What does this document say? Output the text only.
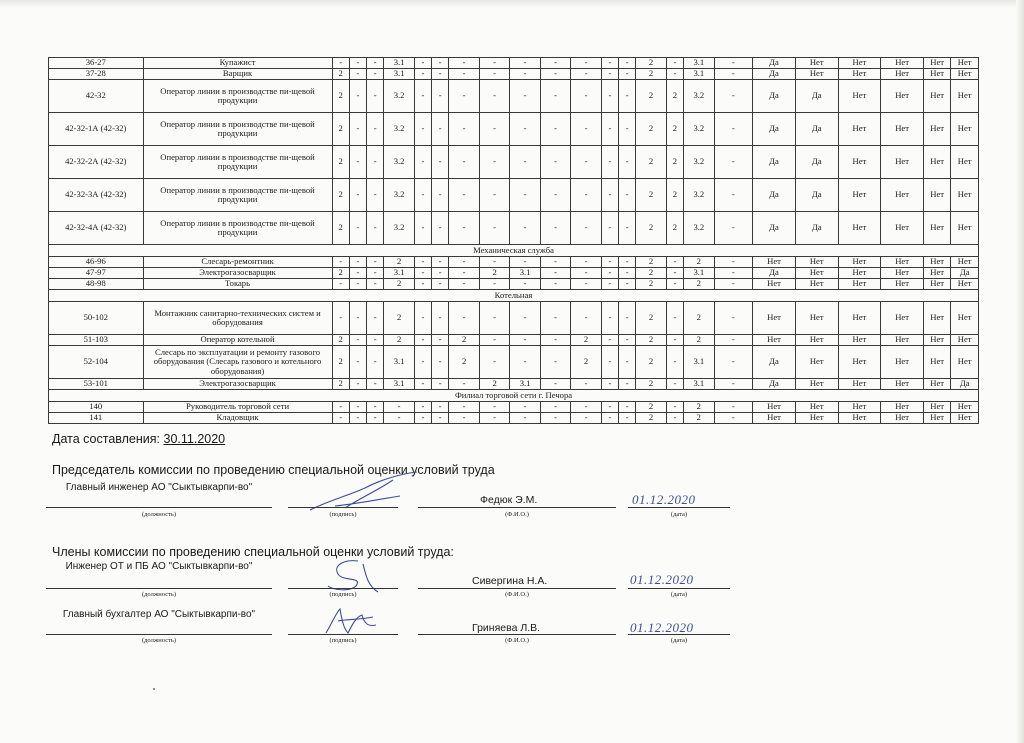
36-27	Купажист	-	-	-	3.1	-	-	-	-	-	-	-	-	-	2	-	3.1	-	Да	Нет	Нет	Нет	Нет	Нет
37-28	Варщик	2	-	-	3.1	-	-	-	-	-	-	-	-	-	2	-	3.1	-	Да	Нет	Нет	Нет	Нет	Нет
42-32	Оператор линии в производстве пи-щевой продукции	2	-	-	3.2	-	-	-	-	-	-	-	-	-	2	2	3.2	-	Да	Да	Нет	Нет	Нет	Нет
42-32-1А (42-32)	Оператор линии в производстве пи-щевой продукции	2	-	-	3.2	-	-	-	-	-	-	-	-	-	2	2	3.2	-	Да	Да	Нет	Нет	Нет	Нет
42-32-2А (42-32)	Оператор линии в производстве пи-щевой продукции	2	-	-	3.2	-	-	-	-	-	-	-	-	-	2	2	3.2	-	Да	Да	Нет	Нет	Нет	Нет
42-32-3А (42-32)	Оператор линии в производстве пи-щевой продукции	2	-	-	3.2	-	-	-	-	-	-	-	-	-	2	2	3.2	-	Да	Да	Нет	Нет	Нет	Нет
42-32-4А (42-32)	Оператор линии в производстве пи-щевой продукции	2	-	-	3.2	-	-	-	-	-	-	-	-	-	2	2	3.2	-	Да	Да	Нет	Нет	Нет	Нет
Механическая служба																								
46-96	Слесарь-ремонтник	-	-	-	2	-	-	-	-	-	-	-	-	-	2	-	2	-	Нет	Нет	Нет	Нет	Нет	Нет
47-97	Электрогазосварщик	2	-	-	3.1	-	-	-	2	3.1	-	-	-	-	2	-	3.1	-	Да	Нет	Нет	Нет	Нет	Да
48-98	Токарь	-	-	-	2	-	-	-	-	-	-	-	-	-	2	-	2	-	Нет	Нет	Нет	Нет	Нет	Нет
Котельная																								
50-102	Монтажник санитарно-технических систем и оборудования	-	-	-	2	-	-	-	-	-	-	-	-	-	2	-	2	-	Нет	Нет	Нет	Нет	Нет	Нет
51-103	Оператор котельной	2	-	-	2	-	-	2	-	-	-	2	-	-	2	-	2	-	Нет	Нет	Нет	Нет	Нет	Нет
52-104	Слесарь по эксплуатации и ремонту газового оборудования (Слесарь газового и котельного оборудования)	2	-	-	3.1	-	-	2	-	-	-	2	-	-	2	-	3.1	-	Да	Нет	Нет	Нет	Нет	Нет
53-101	Электрогазосварщик	2	-	-	3.1	-	-	-	2	3.1	-	-	-	-	2	-	3.1	-	Да	Нет	Нет	Нет	Нет	Да
Филиал торговой сети г. Печора																								
140	Руководитель торговой сети	-	-	-	-	-	-	-	-	-	-	-	-	-	2	-	2	-	Нет	Нет	Нет	Нет	Нет	Нет
141	Кладовщик	-	-	-	-	-	-	-	-	-	-	-	-	-	2	-	2	-	Нет	Нет	Нет	Нет	Нет	Нет
Дата составления: 30.11.2020
Председатель комиссии по проведению специальной оценки условий труда
Главный инженер АО "Сыктывкарпи-во"
(должность)	(подпись)
Федюк Э.М.
(Ф.И.О.)
01.12.2020
(дата)
Члены комиссии по проведению специальной оценки условий труда:
Инженер ОТ и ПБ АО "Сыктывкарпи-во"
(должность)	(подпись)
Сивергина Н.А.
(Ф.И.О.)
01.12.2020
(дата)
Главный бухгалтер АО "Сыктывкарпи-во"
(должность)	(подпись)
Гриняева Л.В.
(Ф.И.О.)
01.12.2020
(дата)
